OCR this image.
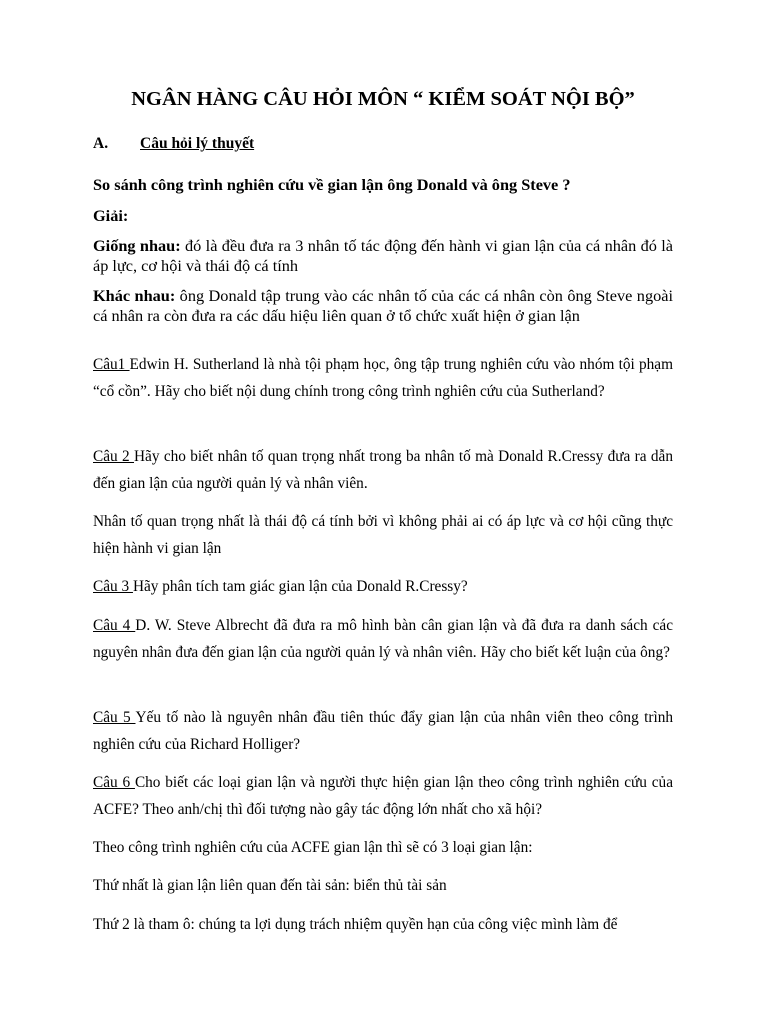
NGÂN HÀNG CÂU HỎI MÔN “ KIỂM SOÁT NỘI BỘ”
A. Câu hỏi lý thuyết
So sánh công trình nghiên cứu về gian lận ông Donald và ông Steve ?
Giải:
Giống nhau: đó là đều đưa ra 3 nhân tố tác động đến hành vi gian lận của cá nhân đó là áp lực, cơ hội và thái độ cá tính
Khác nhau: ông Donald tập trung vào các nhân tố của các cá nhân còn ông Steve ngoài cá nhân ra còn đưa ra các dấu hiệu liên quan ở tổ chức xuất hiện ở gian lận
Câu1 Edwin H. Sutherland là nhà tội phạm học, ông tập trung nghiên cứu vào nhóm tội phạm “cổ cồn”. Hãy cho biết nội dung chính trong công trình nghiên cứu của Sutherland?
Câu 2 Hãy cho biết nhân tố quan trọng nhất trong ba nhân tố mà Donald R.Cressy đưa ra dẫn đến gian lận của người quản lý và nhân viên.
Nhân tố quan trọng nhất là thái độ cá tính bởi vì không phải ai có áp lực và cơ hội cũng thực hiện hành vi gian lận
Câu 3 Hãy phân tích tam giác gian lận của Donald R.Cressy?
Câu 4 D. W. Steve Albrecht đã đưa ra mô hình bàn cân gian lận và đã đưa ra danh sách các nguyên nhân đưa đến gian lận của người quản lý và nhân viên. Hãy cho biết kết luận của ông?
Câu 5 Yếu tố nào là nguyên nhân đầu tiên thúc đẩy gian lận của nhân viên theo công trình nghiên cứu của Richard Holliger?
Câu 6 Cho biết các loại gian lận và người thực hiện gian lận theo công trình nghiên cứu của ACFE? Theo anh/chị thì đối tượng nào gây tác động lớn nhất cho xã hội?
Theo công trình nghiên cứu của ACFE gian lận thì sẽ có 3 loại gian lận:
Thứ nhất là gian lận liên quan đến tài sản: biển thủ tài sản
Thứ 2 là tham ô: chúng ta lợi dụng trách nhiệm quyền hạn của công việc mình làm để
